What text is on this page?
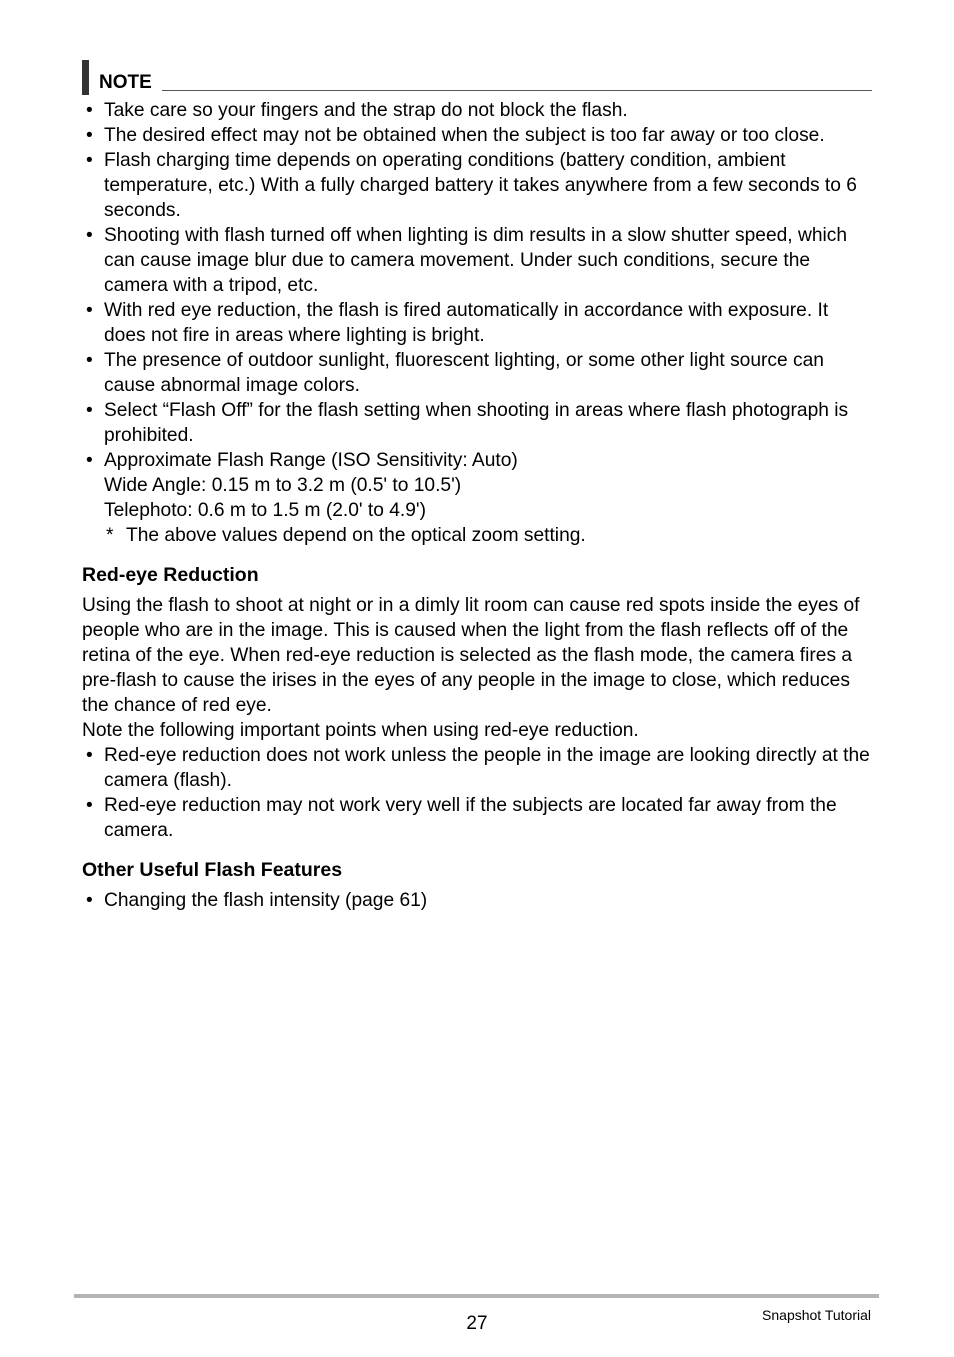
NOTE
• Take care so your fingers and the strap do not block the flash.
• The desired effect may not be obtained when the subject is too far away or too close.
• Flash charging time depends on operating conditions (battery condition, ambient temperature, etc.) With a fully charged battery it takes anywhere from a few seconds to 6 seconds.
• Shooting with flash turned off when lighting is dim results in a slow shutter speed, which can cause image blur due to camera movement. Under such conditions, secure the camera with a tripod, etc.
• With red eye reduction, the flash is fired automatically in accordance with exposure. It does not fire in areas where lighting is bright.
• The presence of outdoor sunlight, fluorescent lighting, or some other light source can cause abnormal image colors.
• Select “Flash Off” for the flash setting when shooting in areas where flash photograph is prohibited.
• Approximate Flash Range (ISO Sensitivity: Auto)
Wide Angle: 0.15 m to 3.2 m (0.5' to 10.5')
Telephoto: 0.6 m to 1.5 m (2.0' to 4.9')
* The above values depend on the optical zoom setting.
Red-eye Reduction

Using the flash to shoot at night or in a dimly lit room can cause red spots inside the eyes of people who are in the image. This is caused when the light from the flash reflects off of the retina of the eye. When red-eye reduction is selected as the flash mode, the camera fires a pre-flash to cause the irises in the eyes of any people in the image to close, which reduces the chance of red eye.

Note the following important points when using red-eye reduction.

• Red-eye reduction does not work unless the people in the image are looking directly at the camera (flash).
• Red-eye reduction may not work very well if the subjects are located far away from the camera.
Other Useful Flash Features
• Changing the flash intensity (page 61)
27	Snapshot Tutorial
